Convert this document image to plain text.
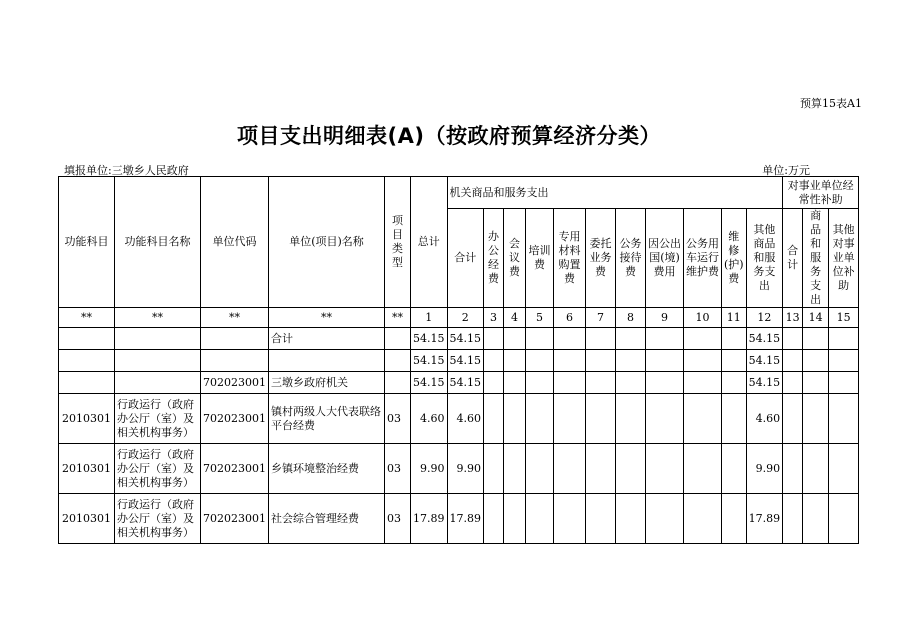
预算15表A1
项目支出明细表(A)（按政府预算经济分类）
填报单位:三墩乡人民政府	单位:万元
功能科目	功能科目名称	单位代码	单位(项目)名称	项目类型	总计	机关商品和服务支出											对事业单位经常性补助		
						合计	办公经费	会议费	培训费	专用材料购置费	委托业务费	公务接待费	因公出国(境)费用	公务用车运行维护费	维修(护)费	其他商品和服务支出	合计	商品和服务支出	其他对事业单位补助

**	**	**	**	**	1	2	3	4	5	6	7	8	9	10	11	12	13	14	15
			合计		54.15	54.15										54.15			
					54.15	54.15										54.15			
		702023001	三墩乡政府机关		54.15	54.15										54.15			
2010301	行政运行（政府办公厅（室）及相关机构事务）	702023001	镇村两级人大代表联络平台经费	03	4.60	4.60										4.60			
2010301	行政运行（政府办公厅（室）及相关机构事务）	702023001	乡镇环境整治经费	03	9.90	9.90										9.90			
2010301	行政运行（政府办公厅（室）及相关机构事务）	702023001	社会综合管理经费	03	17.89	17.89										17.89			
